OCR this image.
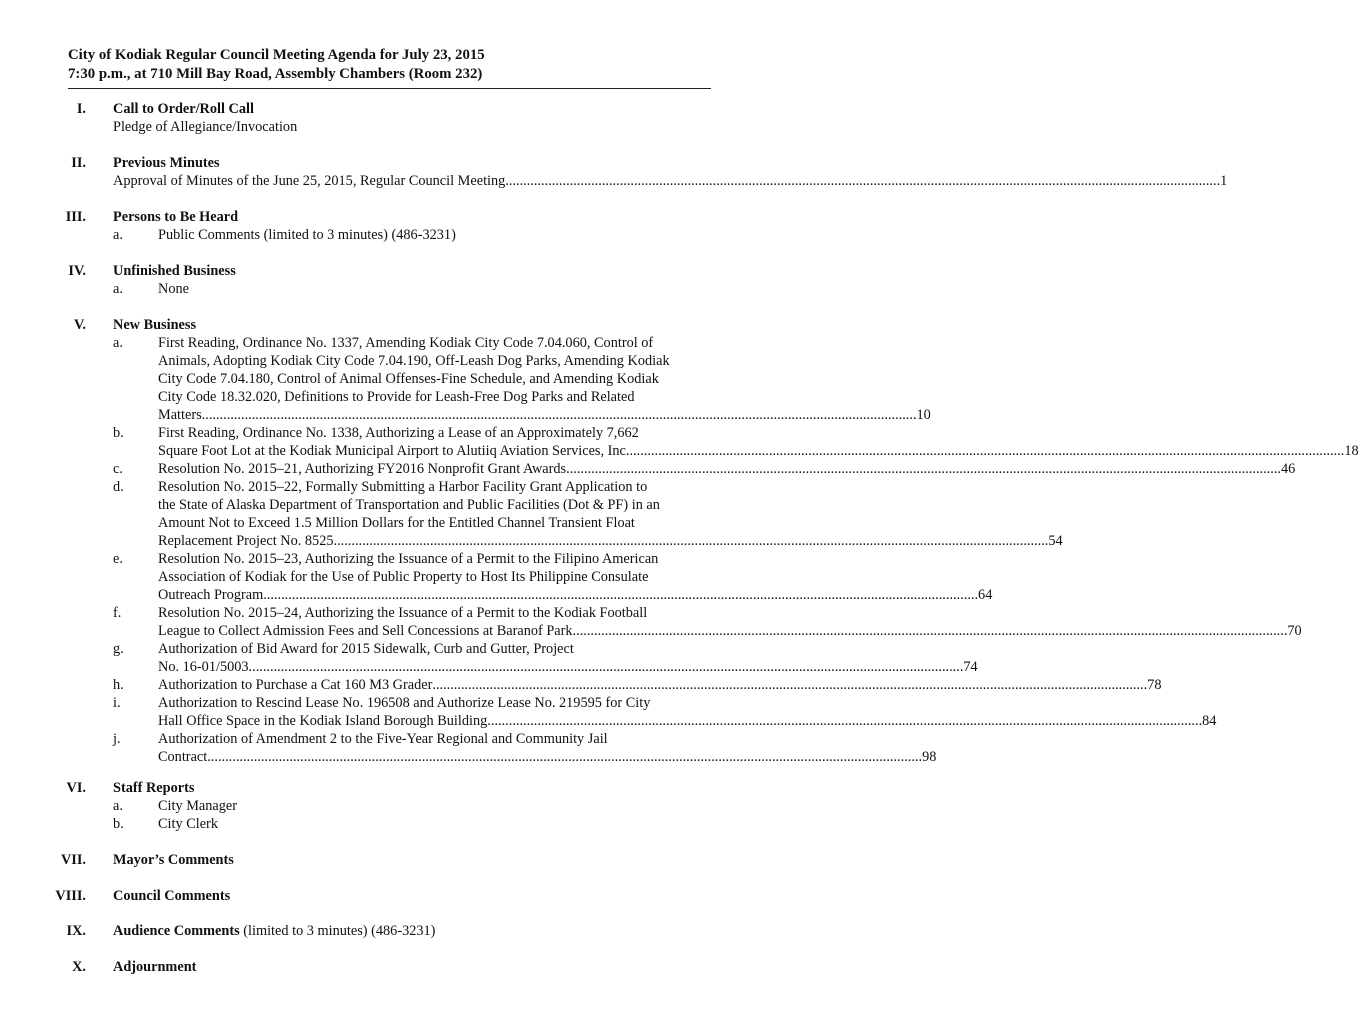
City of Kodiak Regular Council Meeting Agenda for July 23, 2015
7:30 p.m., at 710 Mill Bay Road, Assembly Chambers (Room 232)
I. Call to Order/Roll Call
Pledge of Allegiance/Invocation
II. Previous Minutes
Approval of Minutes of the June 25, 2015, Regular Council Meeting .....	1
III. Persons to Be Heard
a.	Public Comments (limited to 3 minutes) (486-3231)
IV. Unfinished Business
a.	None
V. New Business
a.	First Reading, Ordinance No. 1337, Amending Kodiak City Code 7.04.060, Control of
Animals, Adopting Kodiak City Code 7.04.190, Off-Leash Dog Parks, Amending Kodiak
City Code 7.04.180, Control of Animal Offenses-Fine Schedule, and Amending Kodiak
City Code 18.32.020, Definitions to Provide for Leash-Free Dog Parks and Related
Matters .....	10
b.	First Reading, Ordinance No. 1338, Authorizing a Lease of an Approximately 7,662
Square Foot Lot at the Kodiak Municipal Airport to Alutiiq Aviation Services, Inc. .....	18
c.	Resolution No. 2015–21, Authorizing FY2016 Nonprofit Grant Awards .....	46
d.	Resolution No. 2015–22, Formally Submitting a Harbor Facility Grant Application to
the State of Alaska Department of Transportation and Public Facilities (Dot & PF) in an
Amount Not to Exceed 1.5 Million Dollars for the Entitled Channel Transient Float
Replacement Project No. 8525 .....	54
e.	Resolution No. 2015–23, Authorizing the Issuance of a Permit to the Filipino American
Association of Kodiak for the Use of Public Property to Host Its Philippine Consulate
Outreach Program .....	64
f.	Resolution No. 2015–24, Authorizing the Issuance of a Permit to the Kodiak Football
League to Collect Admission Fees and Sell Concessions at Baranof Park .....	70
g.	Authorization of Bid Award for 2015 Sidewalk, Curb and Gutter, Project
No. 16-01/5003 .....	74
h.	Authorization to Purchase a Cat 160 M3 Grader .....	78
i.	Authorization to Rescind Lease No. 196508 and Authorize Lease No. 219595 for City
Hall Office Space in the Kodiak Island Borough Building .....	84
j.	Authorization of Amendment 2 to the Five-Year Regional and Community Jail
Contract .....	98
VI. Staff Reports
a.	City Manager
b.	City Clerk
VII. Mayor’s Comments
VIII. Council Comments
IX. Audience Comments (limited to 3 minutes) (486-3231)
X. Adjournment
